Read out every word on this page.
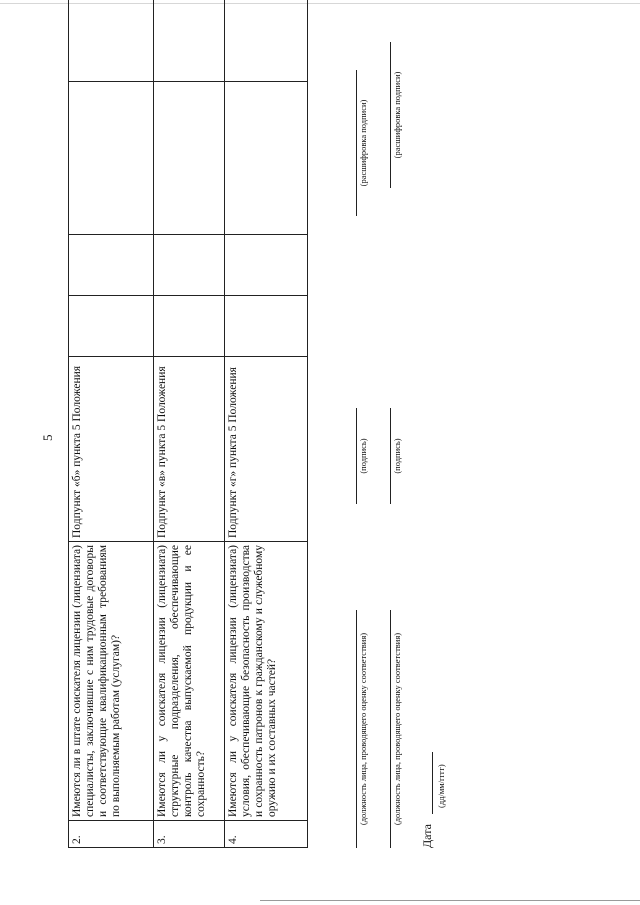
5
2.	Имеются ли в штате соискателя лицензии (лицензиата) специалисты, заключившие с ним трудовые договоры и соответствующие квалификационным требованиям по выполняемым работам (услугам)?	Подпункт «б» пункта 5 Положения				
3.	Имеются ли у соискателя лицензии (лицензиата) структурные подразделения, обеспечивающие контроль качества выпускаемой продукции и ее сохранность?	Подпункт «в» пункта 5 Положения				
4.	Имеются ли у соискателя лицензии (лицензиата) условия, обеспечивающие безопасность производства и сохранность патронов к гражданскому и служебному оружию и их составных частей?	Подпункт «г» пункта 5 Положения				
(должность лица, проводящего оценку соответствия)
(подпись)
(расшифровка подписи)
(должность лица, проводящего оценку соответствия)
(подпись)
(расшифровка подписи)
Дата
(дд/мм/гггг)
